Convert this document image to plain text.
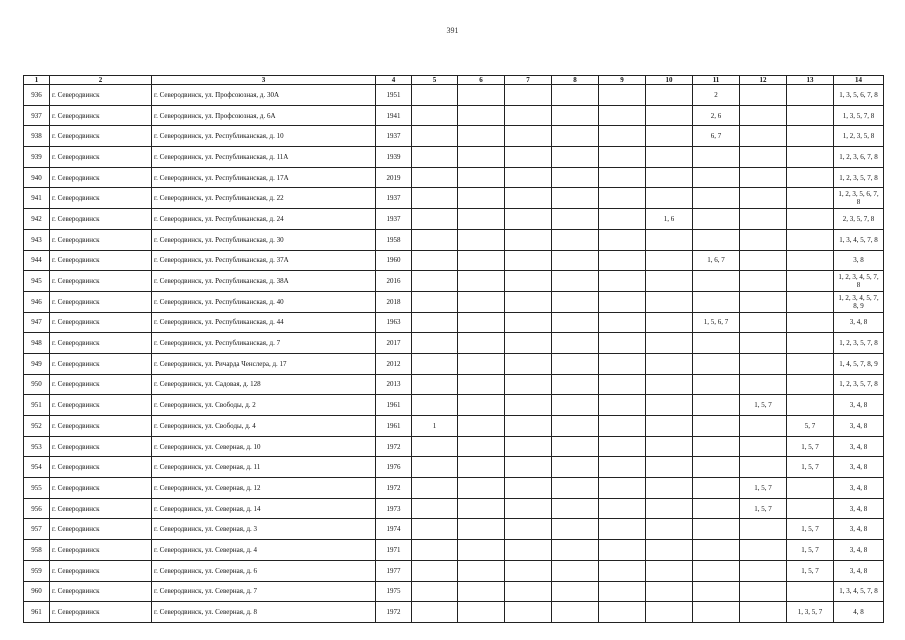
391
1	2	3	4	5	6	7	8	9	10	11	12	13	14
936	г. Северодвинск	г. Северодвинск, ул. Профсоюзная, д. 30А	1951							2			1, 3, 5, 6, 7, 8
937	г. Северодвинск	г. Северодвинск, ул. Профсоюзная, д. 6А	1941							2, 6			1, 3, 5, 7, 8
938	г. Северодвинск	г. Северодвинск, ул. Республиканская, д. 10	1937							6, 7			1, 2, 3, 5, 8
939	г. Северодвинск	г. Северодвинск, ул. Республиканская, д. 11А	1939										1, 2, 3, 6, 7, 8
940	г. Северодвинск	г. Северодвинск, ул. Республиканская, д. 17А	2019										1, 2, 3, 5, 7, 8
941	г. Северодвинск	г. Северодвинск, ул. Республиканская, д. 22	1937										1, 2, 3, 5, 6, 7, 8
942	г. Северодвинск	г. Северодвинск, ул. Республиканская, д. 24	1937						1, 6				2, 3, 5, 7, 8
943	г. Северодвинск	г. Северодвинск, ул. Республиканская, д. 30	1958										1, 3, 4, 5, 7, 8
944	г. Северодвинск	г. Северодвинск, ул. Республиканская, д. 37А	1960							1, 6, 7			3, 8
945	г. Северодвинск	г. Северодвинск, ул. Республиканская, д. 38А	2016										1, 2, 3, 4, 5, 7, 8
946	г. Северодвинск	г. Северодвинск, ул. Республиканская, д. 40	2018										1, 2, 3, 4, 5, 7, 8, 9
947	г. Северодвинск	г. Северодвинск, ул. Республиканская, д. 44	1963							1, 5, 6, 7			3, 4, 8
948	г. Северодвинск	г. Северодвинск, ул. Республиканская, д. 7	2017										1, 2, 3, 5, 7, 8
949	г. Северодвинск	г. Северодвинск, ул. Ричарда Ченслера, д. 17	2012										1, 4, 5, 7, 8, 9
950	г. Северодвинск	г. Северодвинск, ул. Садовая, д. 128	2013										1, 2, 3, 5, 7, 8
951	г. Северодвинск	г. Северодвинск, ул. Свободы, д. 2	1961								1, 5, 7		3, 4, 8
952	г. Северодвинск	г. Северодвинск, ул. Свободы, д. 4	1961	1								5, 7	3, 4, 8
953	г. Северодвинск	г. Северодвинск, ул. Северная, д. 10	1972									1, 5, 7	3, 4, 8
954	г. Северодвинск	г. Северодвинск, ул. Северная, д. 11	1976									1, 5, 7	3, 4, 8
955	г. Северодвинск	г. Северодвинск, ул. Северная, д. 12	1972								1, 5, 7		3, 4, 8
956	г. Северодвинск	г. Северодвинск, ул. Северная, д. 14	1973								1, 5, 7		3, 4, 8
957	г. Северодвинск	г. Северодвинск, ул. Северная, д. 3	1974									1, 5, 7	3, 4, 8
958	г. Северодвинск	г. Северодвинск, ул. Северная, д. 4	1971									1, 5, 7	3, 4, 8
959	г. Северодвинск	г. Северодвинск, ул. Северная, д. 6	1977									1, 5, 7	3, 4, 8
960	г. Северодвинск	г. Северодвинск, ул. Северная, д. 7	1975										1, 3, 4, 5, 7, 8
961	г. Северодвинск	г. Северодвинск, ул. Северная, д. 8	1972									1, 3, 5, 7	4, 8
